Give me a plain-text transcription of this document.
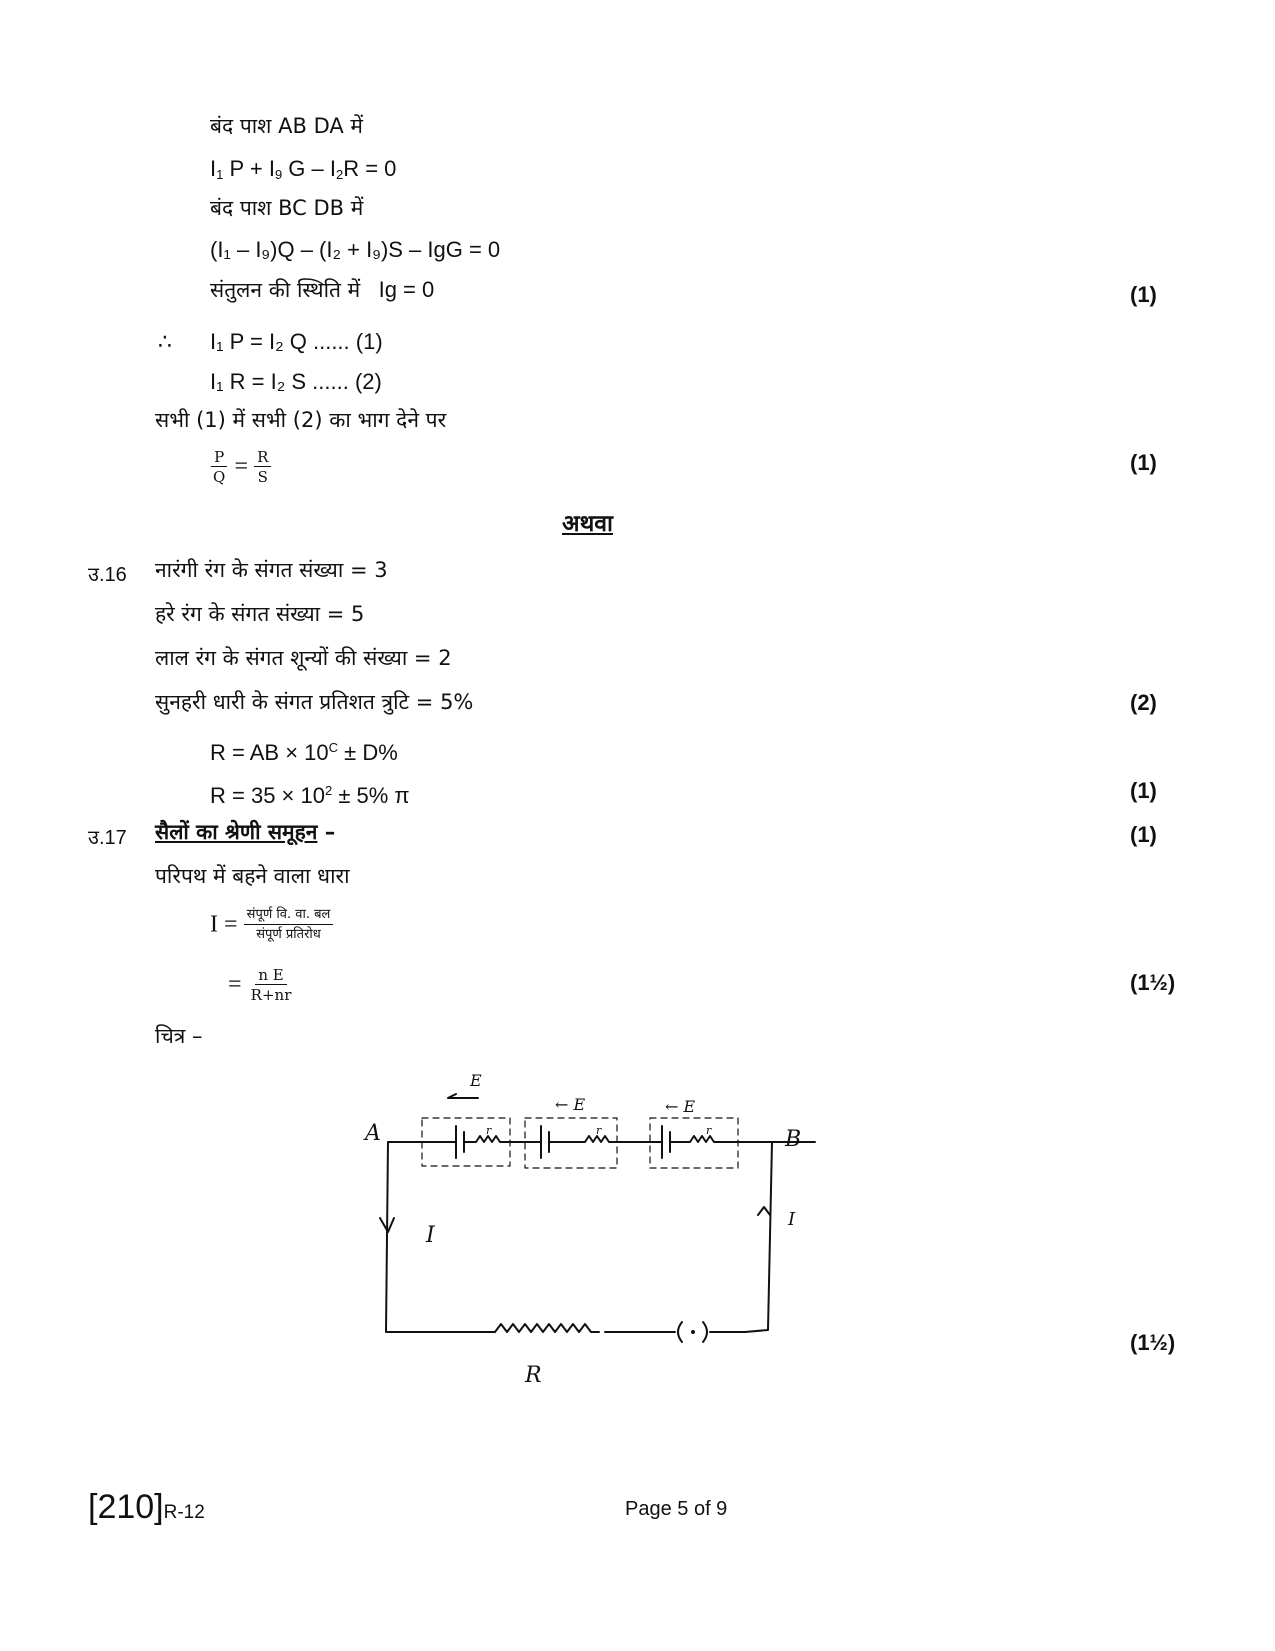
बंद पाश AB DA में
$I_1$ $P + I_9$ $G - I_2R = 0$
बंद पाश BC DB में
(I₁ – I₉)Q – (I₂ + I₉)S – IgG = 0
संतुलन की स्थिति में Ig = 0	(1)
∴ I₁ P = I₂ Q ...... (1)
I₁ R = I₂ S ...... (2)
सभी (1) में सभी (2) का भाग देने पर
$\frac{P}{Q} = \frac{R}{S}$	(1)
अथवा
उ.16 नारंगी रंग के संगत संख्या = 3
हरे रंग के संगत संख्या = 5
लाल रंग के संगत शून्यों की संख्या = 2
सुनहरी धारी के संगत प्रतिशत त्रुटि = 5%	(2)
R = AB × $10^C \pm D\%$
$R = 35 \times 10^2 \pm 5\%$ π	(1)
उ.17 सैलों का श्रेणी समूहन –	(1)
परिपथ में बहने वाला धारा
$I = \frac{\text{संपूर्ण वि. वा. बल}}{\text{संपूर्ण प्रतिरोध}}$
= $\frac{\text{n E}}{R+nr}$	(1½)
चित्र –
A	B
E
← E	← E
I
I
R
r	r	r
(1½)
[210]R-12	Page 5 of 9
